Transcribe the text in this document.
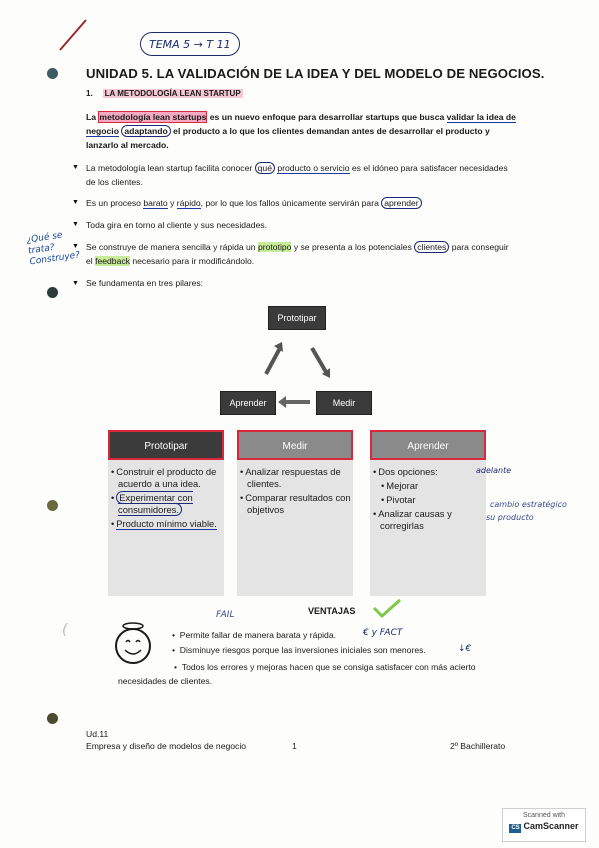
TEMA 5 → T 11
UNIDAD 5. LA VALIDACIÓN DE LA IDEA Y DEL MODELO DE NEGOCIOS.
1. LA METODOLOGÍA LEAN STARTUP

La metodología lean startups es un nuevo enfoque para desarrollar startups que busca validar la idea de negocio adaptando el producto a lo que los clientes demandan antes de desarrollar el producto y lanzarlo al mercado.

▼ La metodología lean startup facilita conocer qué producto o servicio es el idóneo para satisfacer necesidades de los clientes.

▼ Es un proceso barato y rápido, por lo que los fallos únicamente servirán para aprender

▼ Toda gira en torno al cliente y sus necesidades.

▼ Se construye de manera sencilla y rápida un prototipo y se presenta a los potenciales clientes para conseguir el feedback necesario para ir modificándolo.

▼ Se fundamenta en tres pilares:

¿Qué se trata? Construye?
Prototipar
Aprender	Medir
Prototipar
• Construir el producto de acuerdo a una idea.
• Experimentar con consumidores.
• Producto mínimo viable.
Medir
• Analizar respuestas de clientes.
• Comparar resultados con objetivos
Aprender
• Dos opciones:
• Mejorar
• Pivotar
• Analizar causas y corregirlas
adelante
cambio estratégico
su producto
FAIL	VENTAJAS
(	•  Permite fallar de manera barata y rápida.	€ y FACT
•  Disminuye riesgos porque las inversiones iniciales son menores.	↓€
•  Todos los errores y mejoras hacen que se consiga satisfacer con más acierto necesidades de clientes.
Ud.11
Empresa y diseño de modelos de negocio	1	2º Bachillerato
Scanned with
CS CamScanner
